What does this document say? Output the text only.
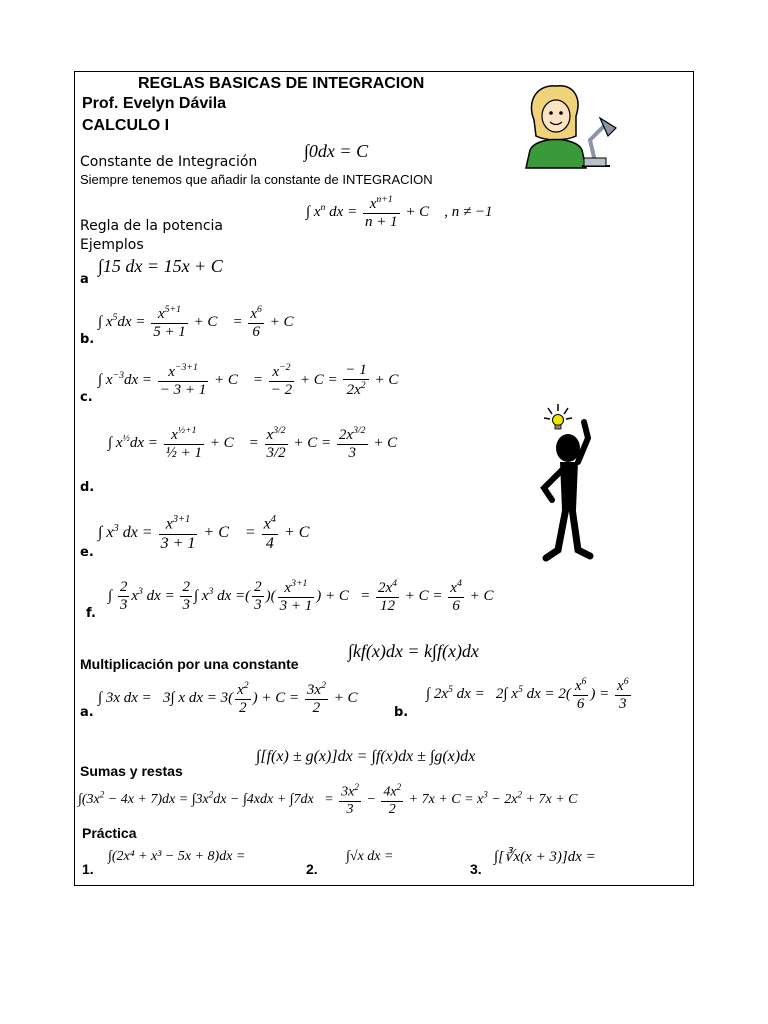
REGLAS BASICAS DE INTEGRACION
Prof. Evelyn Dávila
CALCULO I
Constante de Integración
∫0dx = C
Siempre tenemos que añadir la constante de INTEGRACION
Regla de la potencia
Ejemplos
∫ $x^n$ dx = $\frac{x^{n+1}}{n + 1} + C$    , n ≠ −1
a
∫15 dx = 15x + C
b.
∫ $x^5dx = \frac{x^{5+1}}{5 + 1} + C$    = $\frac{x^6}{6} + C$
c.
∫ $x^{-3}dx = \frac{x^{-3+1}}{- 3 + 1} + C$    = $\frac{x^{-2}}{- 2} + C = \frac{- 1}{2x^2} + C$
d.
∫ $x^{\frac{1}{2}}dx = \frac{x^{\frac{1}{2}+1}}{\text{½ + 1}} + C$    = $\frac{x^{3/2}}{3/2} + C = \frac{2x^{3/2}}{3} + C$
e.
∫ $x^3$ dx = $\frac{x^{3+1}}{3 + 1} + C$    = $\frac{x^4}{4} + C$
f.
∫ $\frac{2}{3} x^3$ dx = $\frac{2}{3}$ ∫ $x^3$ dx =( $\frac{2}{3}$ )( $\frac{x^{3+1}}{3 + 1}$ ) + $C = \frac{2x^4}{12} + C = \frac{x^4}{6} + C$
Multiplicación por una constante
∫kf(x)dx = k∫f(x)dx
a.
∫ 3x dx =   3∫ x dx = $3( \frac{x^2}{2}$ ) + $C = \frac{3x^2}{2} + C$
b.
∫ $2x^5$ dx =   2∫ $x^5$ dx = $2( \frac{x^6}{6}$ ) = $\frac{x^6}{3}$
Sumas y restas
∫[f(x) ± g(x)]dx = ∫f(x)dx ± ∫g(x)dx
$\int(3x^2 - 4x + 7)dx = \int 3x^2dx - \int 4xdx + \int 7dx = \frac{3x^2}{3} - \frac{4x^2}{2} + 7x + C = x^3 - 2x^2 + 7x + C$
Práctica
1.
∫(2x⁴ + x³ − 5x + 8)dx =
2.
∫√x dx =
3.
∫[∛x(x + 3)]dx =
